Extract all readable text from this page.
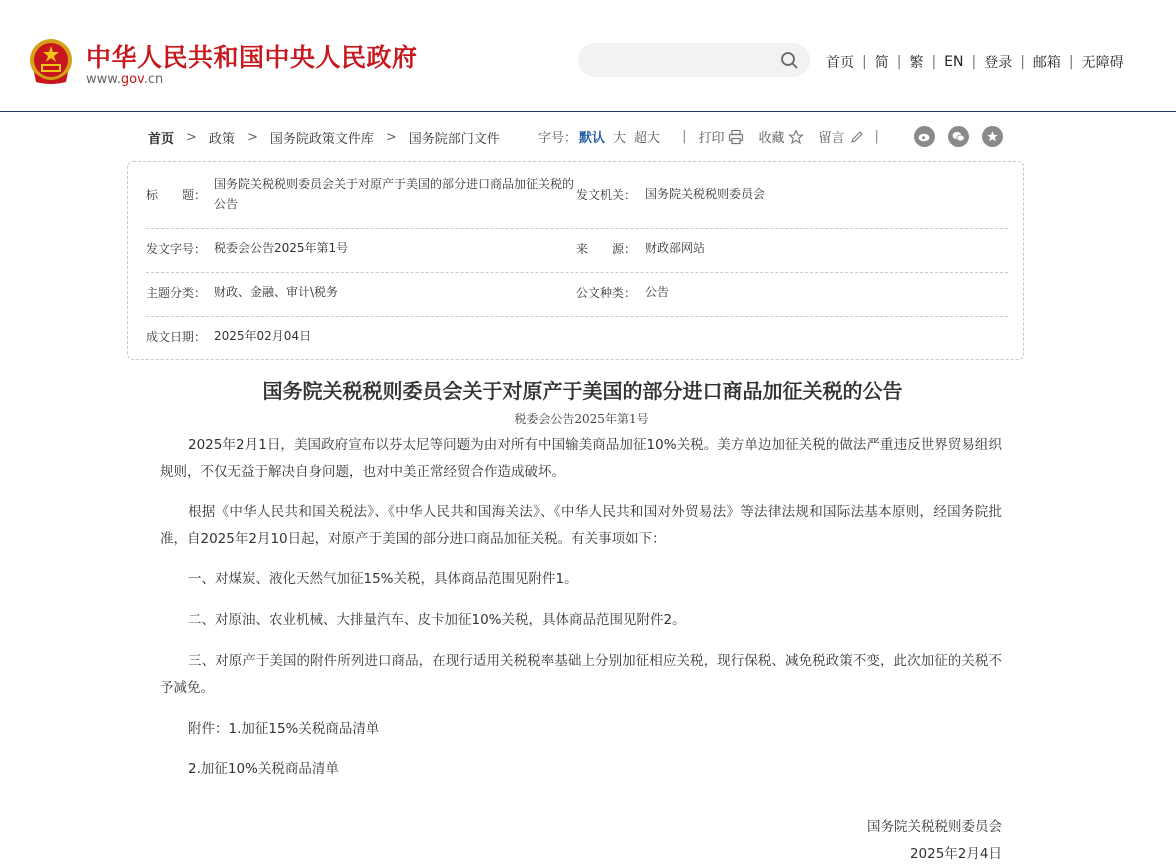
中华人民共和国中央人民政府
www.gov.cn
首页 | 简 | 繁 | EN | 登录 | 邮箱 | 无障碍
首页 > 政策 > 国务院政策文件库 > 国务院部门文件	字号： 默认 大 超大 | 打印	收藏	留言 |
标　　题：
国务院关税税则委员会关于对原产于美国的部分进口商品加征关税的公告
发文机关： 国务院关税税则委员会
发文字号： 税委会公告2025年第1号	来　　源： 财政部网站
主题分类： 财政、金融、审计\税务	公文种类： 公告
成文日期： 2025年02月04日
国务院关税税则委员会关于对原产于美国的部分进口商品加征关税的公告
税委会公告2025年第1号

2025年2月1日，美国政府宣布以芬太尼等问题为由对所有中国输美商品加征10%关税。美方单边加征关税的做法严重违反世界贸易组织规则，不仅无益于解决自身问题，也对中美正常经贸合作造成破坏。

根据《中华人民共和国关税法》、《中华人民共和国海关法》、《中华人民共和国对外贸易法》等法律法规和国际法基本原则，经国务院批准，自2025年2月10日起，对原产于美国的部分进口商品加征关税。有关事项如下：

一、对煤炭、液化天然气加征15%关税，具体商品范围见附件1。

二、对原油、农业机械、大排量汽车、皮卡加征10%关税，具体商品范围见附件2。

三、对原产于美国的附件所列进口商品，在现行适用关税税率基础上分别加征相应关税，现行保税、减免税政策不变，此次加征的关税不予减免。

附件：1.加征15%关税商品清单

2.加征10%关税商品清单

国务院关税税则委员会
2025年2月4日
